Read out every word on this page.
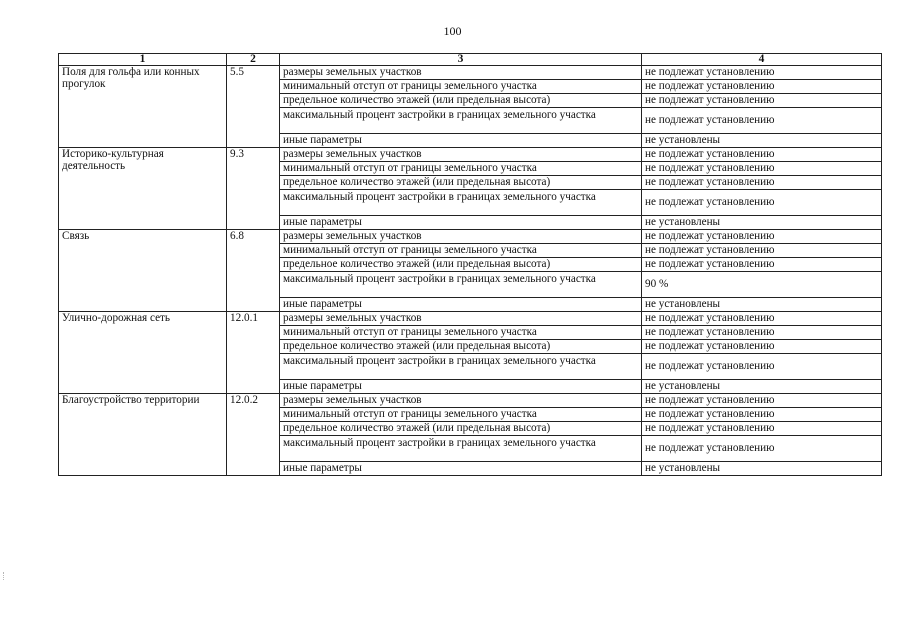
100
1	2	3	4
Поля для гольфа или конных прогулок	5.5	размеры земельных участков	не подлежат установлению
		минимальный отступ от границы земельного участка	не подлежат установлению
		предельное количество этажей (или предельная высота)	не подлежат установлению
		максимальный процент застройки в границах земельного участка	не подлежат установлению
		иные параметры	не установлены
Историко-культурная деятельность	9.3	размеры земельных участков	не подлежат установлению
		минимальный отступ от границы земельного участка	не подлежат установлению
		предельное количество этажей (или предельная высота)	не подлежат установлению
		максимальный процент застройки в границах земельного участка	не подлежат установлению
		иные параметры	не установлены
Связь	6.8	размеры земельных участков	не подлежат установлению
		минимальный отступ от границы земельного участка	не подлежат установлению
		предельное количество этажей (или предельная высота)	не подлежат установлению
		максимальный процент застройки в границах земельного участка	90 %
		иные параметры	не установлены
Улично-дорожная сеть	12.0.1	размеры земельных участков	не подлежат установлению
		минимальный отступ от границы земельного участка	не подлежат установлению
		предельное количество этажей (или предельная высота)	не подлежат установлению
		максимальный процент застройки в границах земельного участка	не подлежат установлению
		иные параметры	не установлены
Благоустройство территории	12.0.2	размеры земельных участков	не подлежат установлению
		минимальный отступ от границы земельного участка	не подлежат установлению
		предельное количество этажей (или предельная высота)	не подлежат установлению
		максимальный процент застройки в границах земельного участка	не подлежат установлению
		иные параметры	не установлены
